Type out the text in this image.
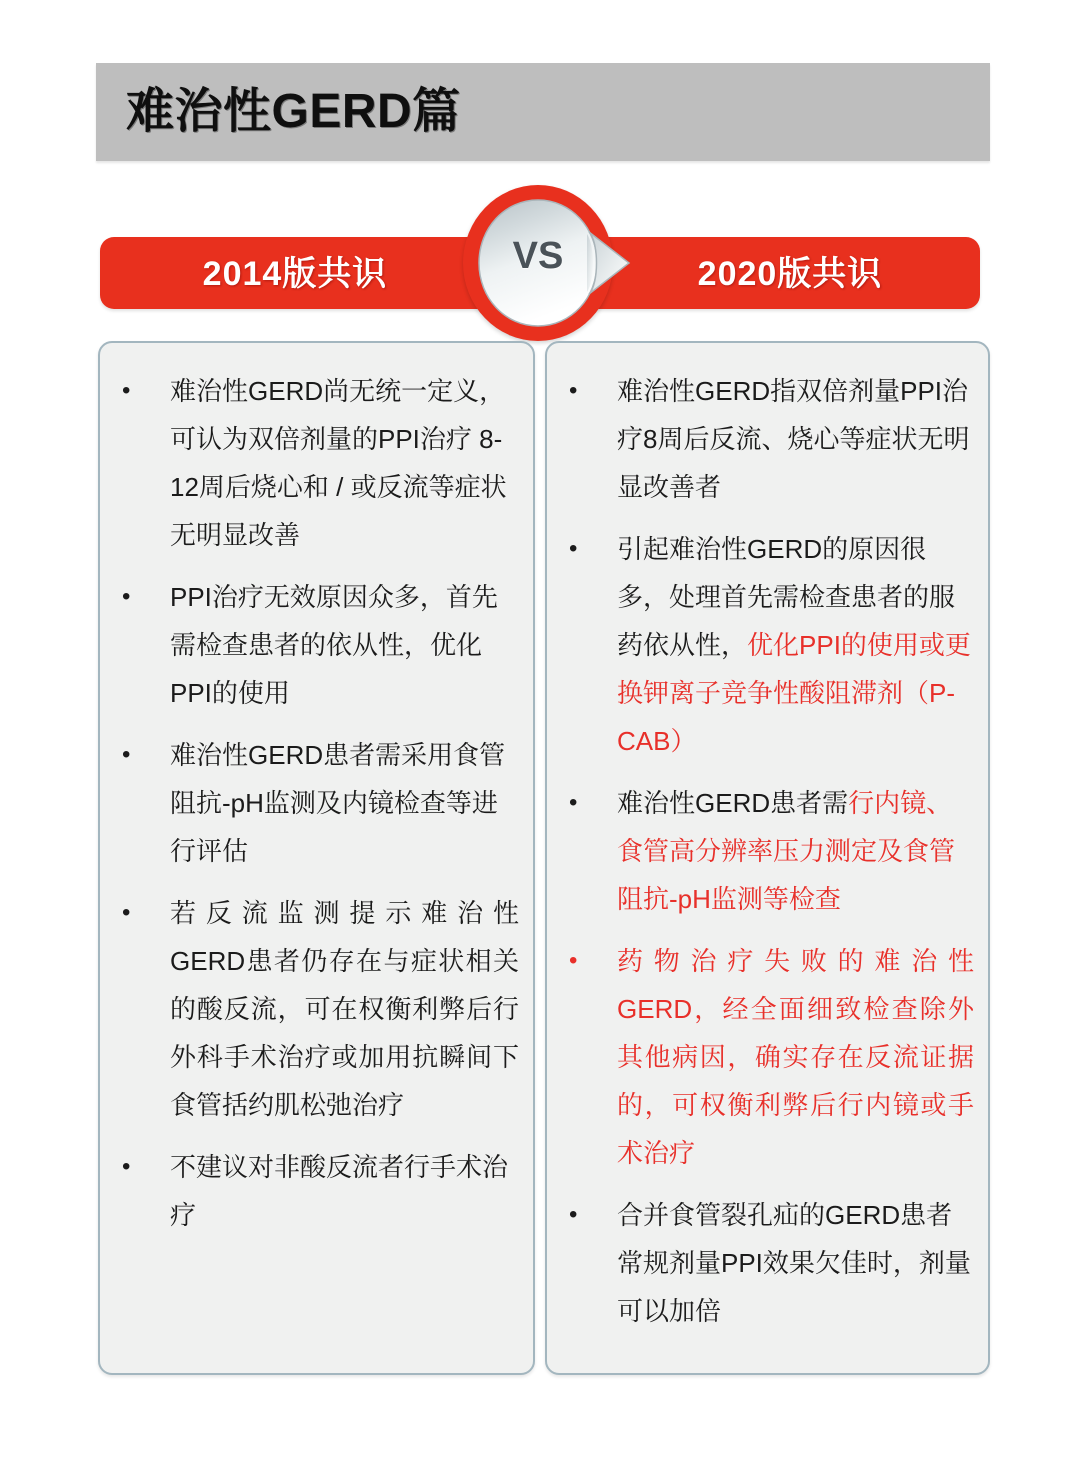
难治性GERD篇
2014版共识	2020版共识
VS
• 难治性GERD尚无统一定义，可认为双倍剂量的PPI治疗 8-12周后烧心和 / 或反流等症状无明显改善
• PPI治疗无效原因众多，首先需检查患者的依从性，优化PPI的使用
• 难治性GERD患者需采用食管阻抗-pH监测及内镜检查等进行评估
• 若反流监测提示难治性
GERD患者仍存在与症状相关的酸反流，可在权衡利弊后行外科手术治疗或加用抗瞬间下食管括约肌松弛治疗
• 不建议对非酸反流者行手术治疗
• 难治性GERD指双倍剂量PPI治疗8周后反流、烧心等症状无明显改善者
• 引起难治性GERD的原因很多，处理首先需检查患者的服药依从性，优化PPI的使用或更换钾离子竞争性酸阻滞剂（P-CAB）
• 难治性GERD患者需行内镜、食管高分辨率压力测定及食管阻抗-pH监测等检查
• 药物治疗失败的难治性
GERD，经全面细致检查除外其他病因，确实存在反流证据的，可权衡利弊后行内镜或手术治疗
• 合并食管裂孔疝的GERD患者常规剂量PPI效果欠佳时，剂量可以加倍
